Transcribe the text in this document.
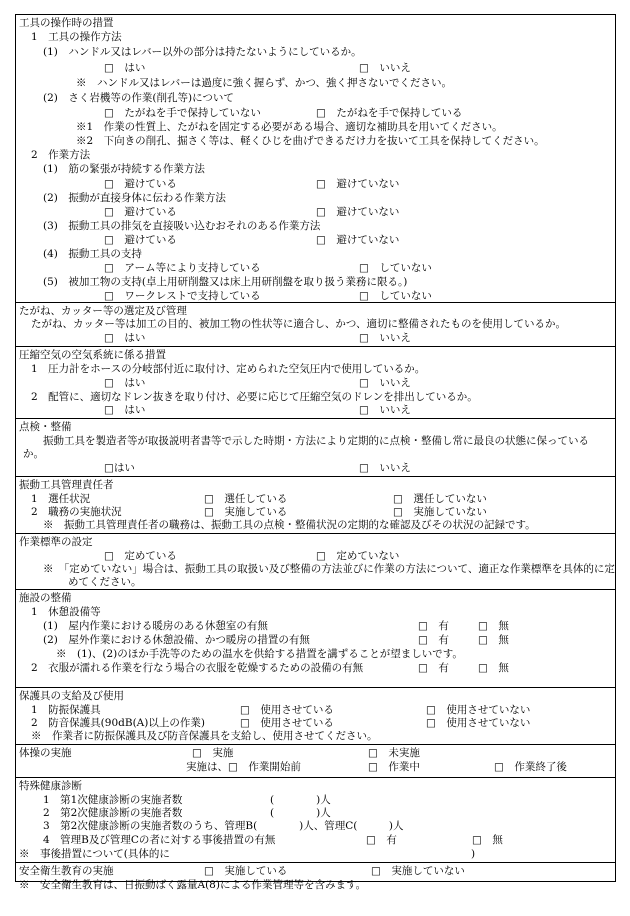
工具の操作時の措置
1　工具の操作方法
(1)　ハンドル又はレバー以外の部分は持たないようにしているか。
□　はい	□　いいえ
※　ハンドル又はレバーは過度に強く握らず、かつ、強く押さないでください。
(2)　さく岩機等の作業(削孔等)について
□　たがねを手で保持していない	□　たがねを手で保持している
※1　作業の性質上、たがねを固定する必要がある場合、適切な補助具を用いてください。
※2　下向きの削孔、掘さく等は、軽くひじを曲げできるだけ力を抜いて工具を保持してください。
2　作業方法
(1)　筋の緊張が持続する作業方法
□　避けている	□　避けていない
(2)　振動が直接身体に伝わる作業方法
□　避けている	□　避けていない
(3)　振動工具の排気を直接吸い込むおそれのある作業方法
□　避けている	□　避けていない
(4)　振動工具の支持
□　アーム等により支持している	□　していない
(5)　被加工物の支持(卓上用研削盤又は床上用研削盤を取り扱う業務に限る。)
□　ワークレストで支持している	□　していない
たがね、カッター等の選定及び管理
たがね、カッター等は加工の目的、被加工物の性状等に適合し、かつ、適切に整備されたものを使用しているか。
□　はい	□　いいえ
圧縮空気の空気系統に係る措置
1　圧力計をホースの分岐部付近に取付け、定められた空気圧内で使用しているか。
□　はい	□　いいえ
2　配管に、適切なドレン抜きを取り付け、必要に応じて圧縮空気のドレンを排出しているか。
□　はい	□　いいえ
点検・整備
振動工具を製造者等が取扱説明者書等で示した時期・方法により定期的に点検・整備し常に最良の状態に保っているか。
□はい	□　いいえ
振動工具管理責任者
1　選任状況	□　選任している	□　選任していない
2　職務の実施状況	□　実施している	□　実施していない
※　振動工具管理責任者の職務は、振動工具の点検・整備状況の定期的な確認及びその状況の記録です。
作業標準の設定
□　定めている	□　定めていない
※　「定めていない」場合は、振動工具の取扱い及び整備の方法並びに作業の方法について、適正な作業標準を具体的に定めてください。
施設の整備
1　休憩設備等
(1)　屋内作業における暖房のある休憩室の有無	□　有	□　無
(2)　屋外作業における休憩設備、かつ暖房の措置の有無	□　有	□　無
※　(1)、(2)のほか手洗等のための温水を供給する措置を講ずることが望ましいです。
2　衣服が濡れる作業を行なう場合の衣服を乾燥するための設備の有無	□　有	□　無
保護具の支給及び使用
1　防振保護具	□　使用させている	□　使用させていない
2　防音保護具(90dB(A)以上の作業)	□　使用させている	□　使用させていない
※　作業者に防振保護具及び防音保護具を支給し、使用させてください。
体操の実施	□　実施	□　未実施
実施は、□　作業開始前	□　作業中	□　作業終了後
特殊健康診断
1　第1次健康診断の実施者数	(　　　　)人
2　第2次健康診断の実施者数	(　　　　)人
3　第2次健康診断の実施者数のうち、管理B(　　　　)人、管理C(　　　)人
4　管理B及び管理Cの者に対する事後措置の有無	□　有	□　無
※　事後措置について(具体的に	)
安全衛生教育の実施	□　実施している	□　実施していない
※　安全衛生教育は、日振動ばく露量A(8)による作業管理等を含みます。
